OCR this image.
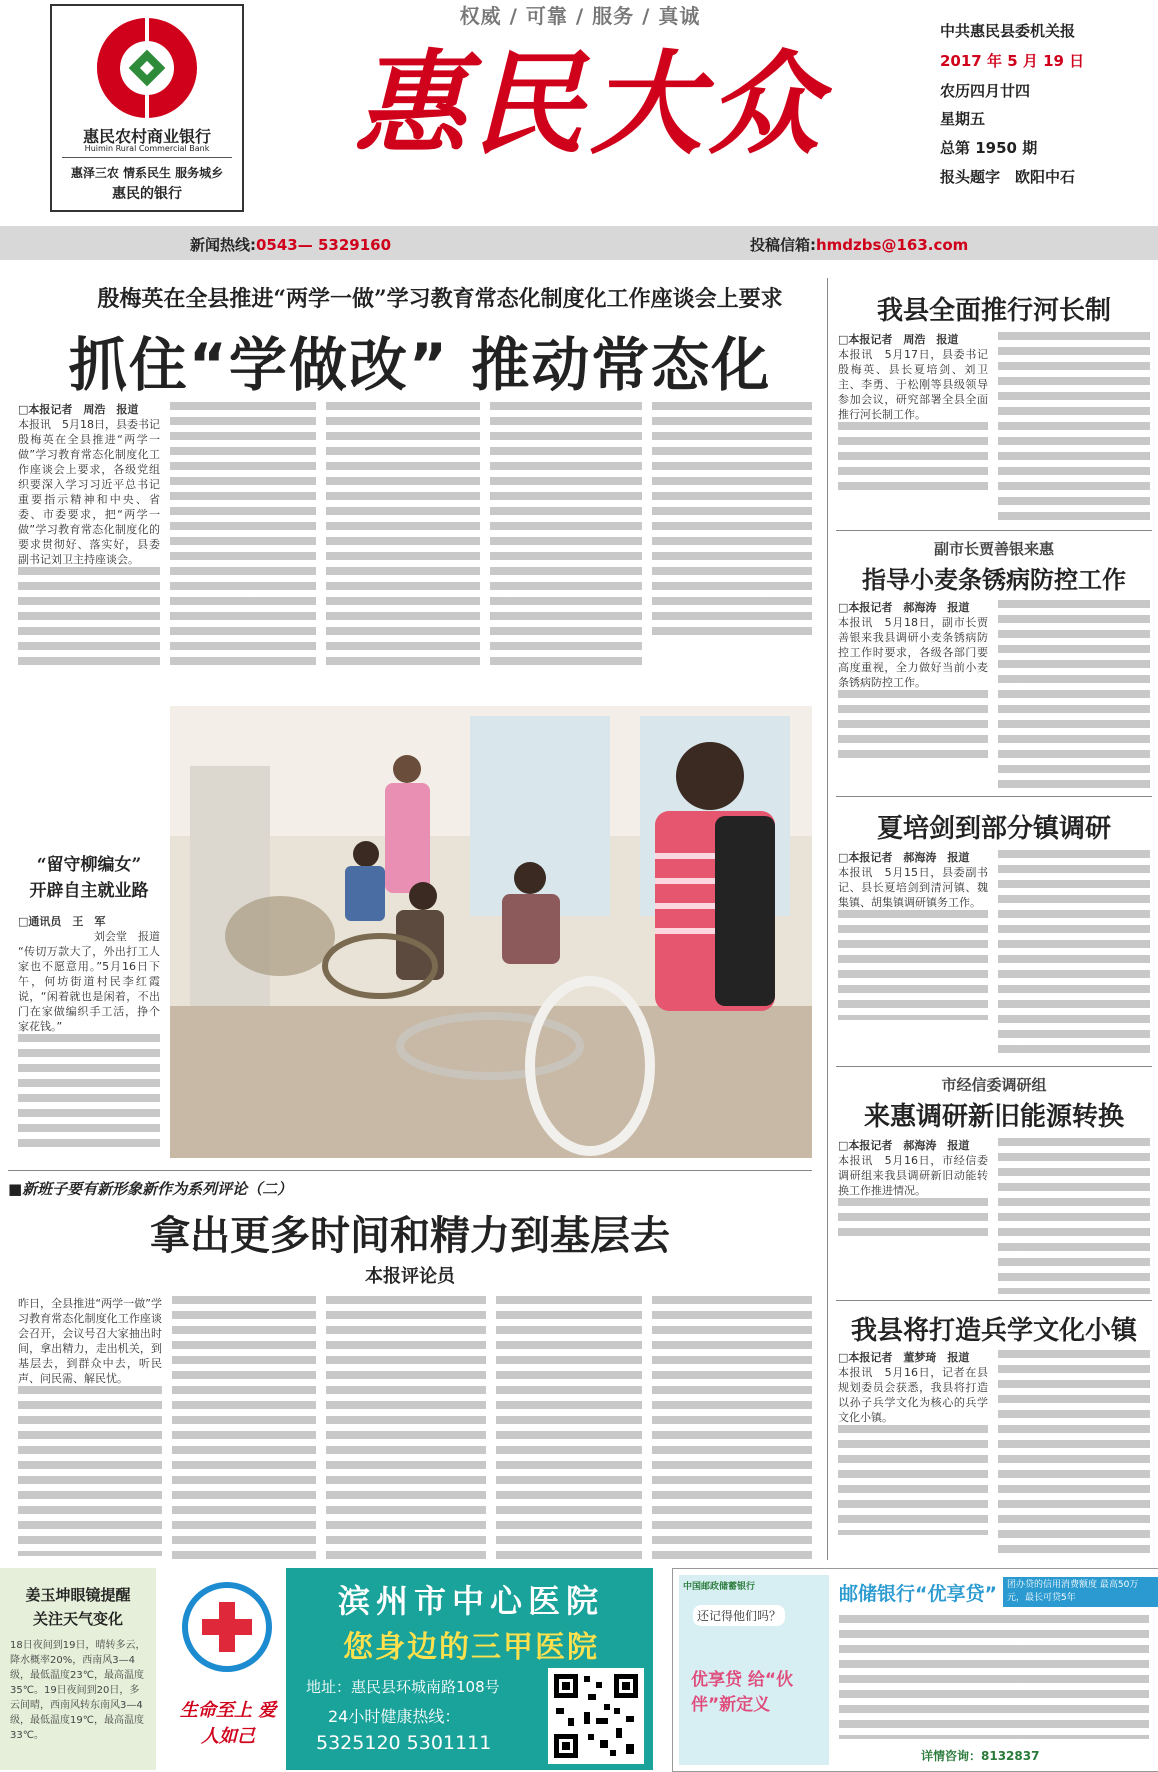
惠民农村商业银行
Huimin Rural Commercial Bank
惠泽三农 情系民生 服务城乡
惠民的银行
权威 / 可靠 / 服务 / 真诚
惠民大众
中共惠民县委机关报
2017 年 5 月 19 日
农历四月廿四
星期五
总第 1950 期
报头题字　欧阳中石
新闻热线:0543— 5329160	投稿信箱:hmdzbs@163.com
殷梅英在全县推进“两学一做”学习教育常态化制度化工作座谈会上要求
抓住“学做改” 推动常态化
□本报记者　周浩　报道
本报讯　5月18日，县委书记殷梅英在全县推进“两学一做”学习教育常态化制度化工作座谈会上要求，各级党组织要深入学习习近平总书记重要指示精神和中央、省委、市委要求，把“两学一做”学习教育常态化制度化的要求贯彻好、落实好，县委副书记刘卫主持座谈会。
“留守柳编女”
开辟自主就业路
□通讯员　王　军
刘会堂　报道
“传切万款大了，外出打工人家也不愿意用。”5月16日下午，何坊街道村民李红霞说，“闲着就也是闲着，不出门在家做编织手工活，挣个家花钱。”
■新班子要有新形象新作为系列评论（二）
拿出更多时间和精力到基层去
本报评论员
昨日，全县推进“两学一做”学习教育常态化制度化工作座谈会召开，会议号召大家抽出时间，拿出精力，走出机关，到基层去，到群众中去，听民声、问民需、解民忧。
我县全面推行河长制
□本报记者　周浩　报道
本报讯　5月17日，县委书记殷梅英、县长夏培剑、刘卫主、李勇、于松刚等县级领导参加会议，研究部署全县全面推行河长制工作。
副市长贾善银来惠
指导小麦条锈病防控工作
□本报记者　郝海涛　报道
本报讯　5月18日，副市长贾善银来我县调研小麦条锈病防控工作时要求，各级各部门要高度重视，全力做好当前小麦条锈病防控工作。
夏培剑到部分镇调研
□本报记者　郝海涛　报道
本报讯　5月15日，县委副书记、县长夏培剑到清河镇、魏集镇、胡集镇调研镇务工作。
市经信委调研组
来惠调研新旧能源转换
□本报记者　郝海涛　报道
本报讯　5月16日，市经信委调研组来我县调研新旧动能转换工作推进情况。
我县将打造兵学文化小镇
□本报记者　董梦琦　报道
本报讯　5月16日，记者在县规划委员会获悉，我县将打造以孙子兵学文化为核心的兵学文化小镇。
姜玉坤眼镜提醒
关注天气变化
18日夜间到19日，晴转多云，降水概率20%，西南风3—4级，最低温度23℃，最高温度35℃。19日夜间到20日，多云间晴，西南风转东南风3—4级，最低温度19℃，最高温度33℃。
生命至上 爱人如己
滨州市中心医院
您身边的三甲医院
地址：惠民县环城南路108号
24小时健康热线：
5325120 5301111
中国邮政储蓄银行
还记得他们吗？
优享贷 给“伙伴”新定义
邮储银行“优享贷”	团办贷的信用消费额度 最高50万元，最长可贷5年
详情咨询：8132837
